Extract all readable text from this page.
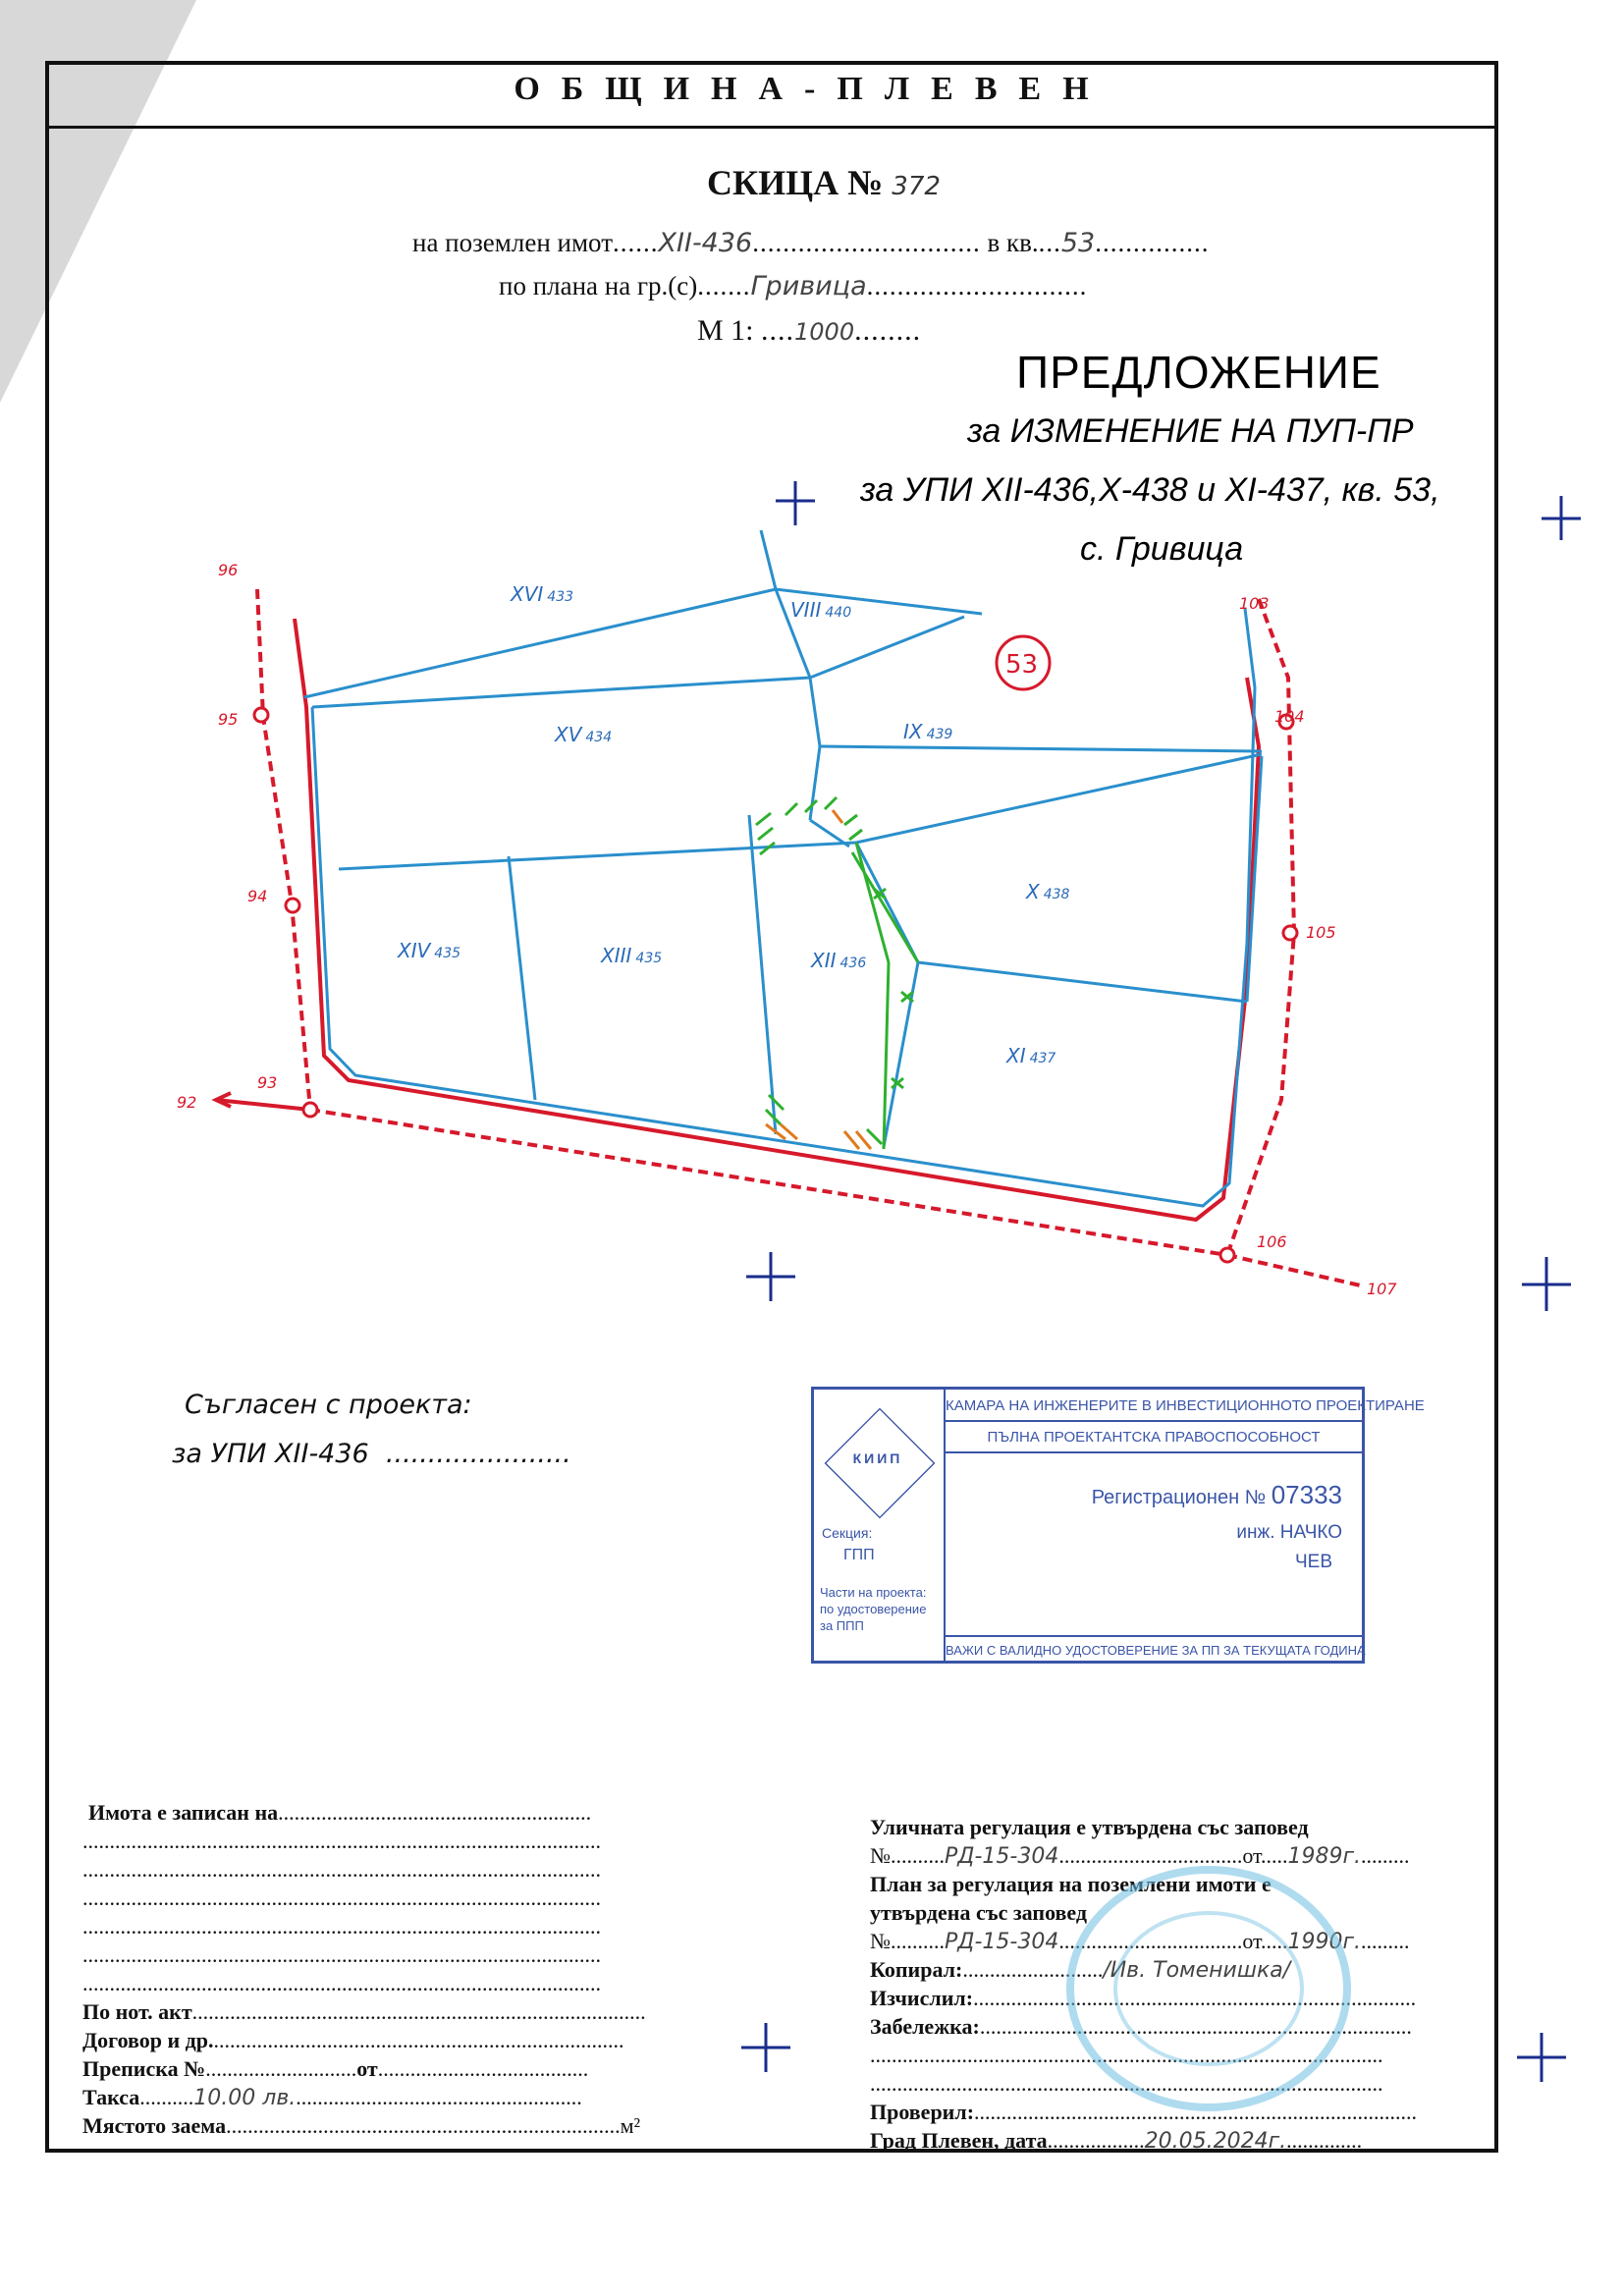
ОБЩИНА-ПЛЕВЕН
СКИЦА № 372
на поземлен имот......XII-436.............................. в кв....53...............
по плана на гр.(с).......Гривица.............................
М 1: ....1000........
ПРЕДЛОЖЕНИЕ
за ИЗМЕНЕНИЕ НА ПУП-ПР
за УПИ XII-436,X-438 и XI-437, кв. 53,
с. Гривица
96
95
94
93
92
103
104
105
106
107
53
XVI 433
VIII 440
XV 434	IX 439
X 438
XIV 435	XIII 435	XII 436
XI 437
Съгласен с проекта:
за УПИ XII-436  ......................	КИИП
Секция:
ГПП
Части на проекта:
по удостоверение за ППП
КАМАРА НА ИНЖЕНЕРИТЕ В ИНВЕСТИЦИОННОТО ПРОЕКТИРАНЕ
ПЪЛНА ПРОЕКТАНТСКА ПРАВОСПОСОБНОСТ
Регистрационен № 07333
инж. НАЧКО
ЧЕВ
ВАЖИ С ВАЛИДНО УДОСТОВЕРЕНИЕ ЗА ПП ЗА ТЕКУЩАТА ГОДИНА
Имота е записан на..........................................................
................................................................................................
................................................................................................
................................................................................................
................................................................................................
................................................................................................
................................................................................................
По нот. акт....................................................................................
Договор и др.............................................................................
Преписка №............................от.......................................
Такса..........10.00 лв......................................................
Мястото заема.........................................................................м²
Уличната регулация е утвърдена със заповед
№..........РД-15-304..................................от.....1989г..........
План за регулация на поземлени имоти е
утвърдена със заповед
№..........РД-15-304..................................от.....1990г..........
Копирал:........................../Ив. Томенишка/
Изчислил:..................................................................................
Забележка:................................................................................
...............................................................................................
...............................................................................................
Проверил:..................................................................................
Град Плевен, дата..................20.05.2024г...............
